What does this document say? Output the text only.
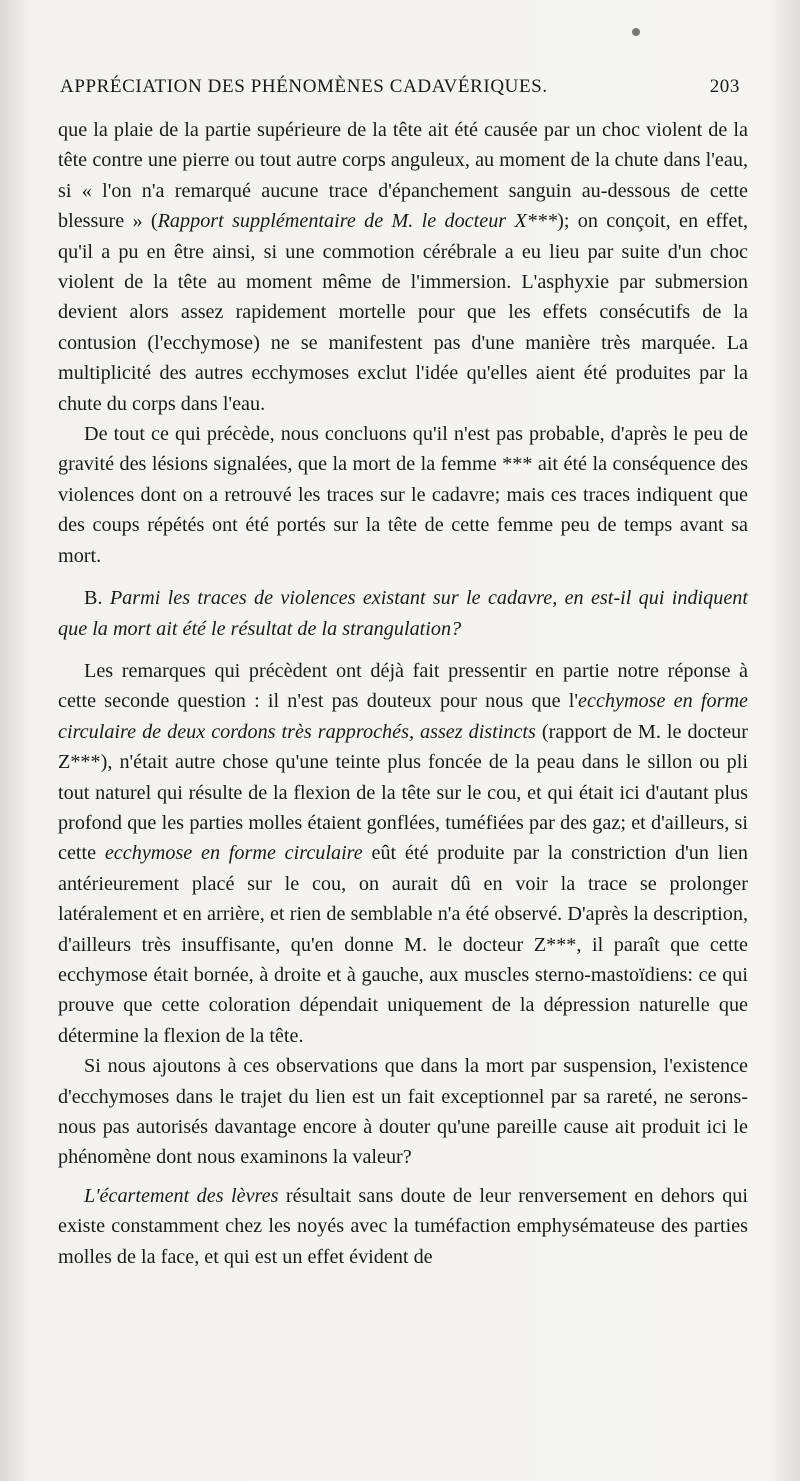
APPRÉCIATION DES PHÉNOMÈNES CADAVÉRIQUES.	203

que la plaie de la partie supérieure de la tête ait été causée par un choc violent de la tête contre une pierre ou tout autre corps anguleux, au moment de la chute dans l'eau, si « l'on n'a remarqué aucune trace d'épanchement sanguin au-dessous de cette blessure » (Rapport supplémentaire de M. le docteur X***); on conçoit, en effet, qu'il a pu en être ainsi, si une commotion cérébrale a eu lieu par suite d'un choc violent de la tête au moment même de l'immersion. L'asphyxie par submersion devient alors assez rapidement mortelle pour que les effets consécutifs de la contusion (l'ecchymose) ne se manifestent pas d'une manière très marquée. La multiplicité des autres ecchymoses exclut l'idée qu'elles aient été produites par la chute du corps dans l'eau.

De tout ce qui précède, nous concluons qu'il n'est pas probable, d'après le peu de gravité des lésions signalées, que la mort de la femme *** ait été la conséquence des violences dont on a retrouvé les traces sur le cadavre; mais ces traces indiquent que des coups répétés ont été portés sur la tête de cette femme peu de temps avant sa mort.

B. Parmi les traces de violences existant sur le cadavre, en est-il qui indiquent que la mort ait été le résultat de la strangulation?

Les remarques qui précèdent ont déjà fait pressentir en partie notre réponse à cette seconde question : il n'est pas douteux pour nous que l'ecchymose en forme circulaire de deux cordons très rapprochés, assez distincts (rapport de M. le docteur Z***), n'était autre chose qu'une teinte plus foncée de la peau dans le sillon ou pli tout naturel qui résulte de la flexion de la tête sur le cou, et qui était ici d'autant plus profond que les parties molles étaient gonflées, tuméfiées par des gaz; et d'ailleurs, si cette ecchymose en forme circulaire eût été produite par la constriction d'un lien antérieurement placé sur le cou, on aurait dû en voir la trace se prolonger latéralement et en arrière, et rien de semblable n'a été observé. D'après la description, d'ailleurs très insuffisante, qu'en donne M. le docteur Z***, il paraît que cette ecchymose était bornée, à droite et à gauche, aux muscles sterno-mastoïdiens: ce qui prouve que cette coloration dépendait uniquement de la dépression naturelle que détermine la flexion de la tête.

Si nous ajoutons à ces observations que dans la mort par suspension, l'existence d'ecchymoses dans le trajet du lien est un fait exceptionnel par sa rareté, ne serons-nous pas autorisés davantage encore à douter qu'une pareille cause ait produit ici le phénomène dont nous examinons la valeur?

L'écartement des lèvres résultait sans doute de leur renversement en dehors qui existe constamment chez les noyés avec la tuméfaction emphysémateuse des parties molles de la face, et qui est un effet évident de
